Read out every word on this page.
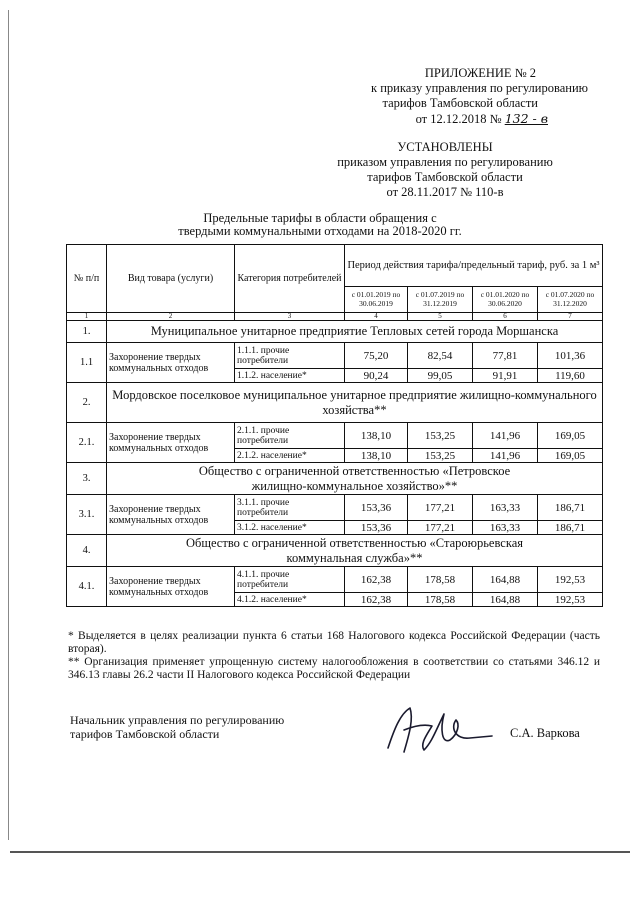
ПРИЛОЖЕНИЕ № 2
к приказу управления по регулированию
тарифов Тамбовской области
от 12.12.2018 № 132 - в
УСТАНОВЛЕНЫ
приказом управления по регулированию
тарифов Тамбовской области
от 28.11.2017 № 110-в
Предельные тарифы в области обращения с
твердыми коммунальными отходами на 2018-2020 гг.
№ п/п	Вид товара (услуги)	Категория потребителей	Период действия тарифа/предельный тариф, руб. за 1 м³			
			с 01.01.2019 по 30.06.2019	с 01.07.2019 по 31.12.2019	с 01.01.2020 по 30.06.2020	с 01.07.2020 по 31.12.2020
1	2	3	4	5	6	7
1.	Муниципальное унитарное предприятие Тепловых сетей города Моршанска					
1.1	Захоронение твердых коммунальных отходов	1.1.1. прочие потребители	75,20	82,54	77,81	101,36
		1.1.2. население*	90,24	99,05	91,91	119,60
2.	Мордовское поселковое муниципальное унитарное предприятие жилищно-коммунального хозяйства**					
2.1.	Захоронение твердых коммунальных отходов	2.1.1. прочие потребители	138,10	153,25	141,96	169,05
		2.1.2. население*	138,10	153,25	141,96	169,05
3.	Общество с ограниченной ответственностью «Петровское жилищно-коммунальное хозяйство»**					
3.1.	Захоронение твердых коммунальных отходов	3.1.1. прочие потребители	153,36	177,21	163,33	186,71
		3.1.2. население*	153,36	177,21	163,33	186,71
4.	Общество с ограниченной ответственностью «Староюрьевская коммунальная служба»**					
4.1.	Захоронение твердых коммунальных отходов	4.1.1. прочие потребители	162,38	178,58	164,88	192,53
		4.1.2. население*	162,38	178,58	164,88	192,53

* Выделяется в целях реализации пункта 6 статьи 168 Налогового кодекса Российской Федерации (часть вторая).

** Организация применяет упрощенную систему налогообложения в соответствии со статьями 346.12 и 346.13 главы 26.2 части II Налогового кодекса Российской Федерации

Начальник управления по регулированию
тарифов Тамбовской области	С.А. Варкова
